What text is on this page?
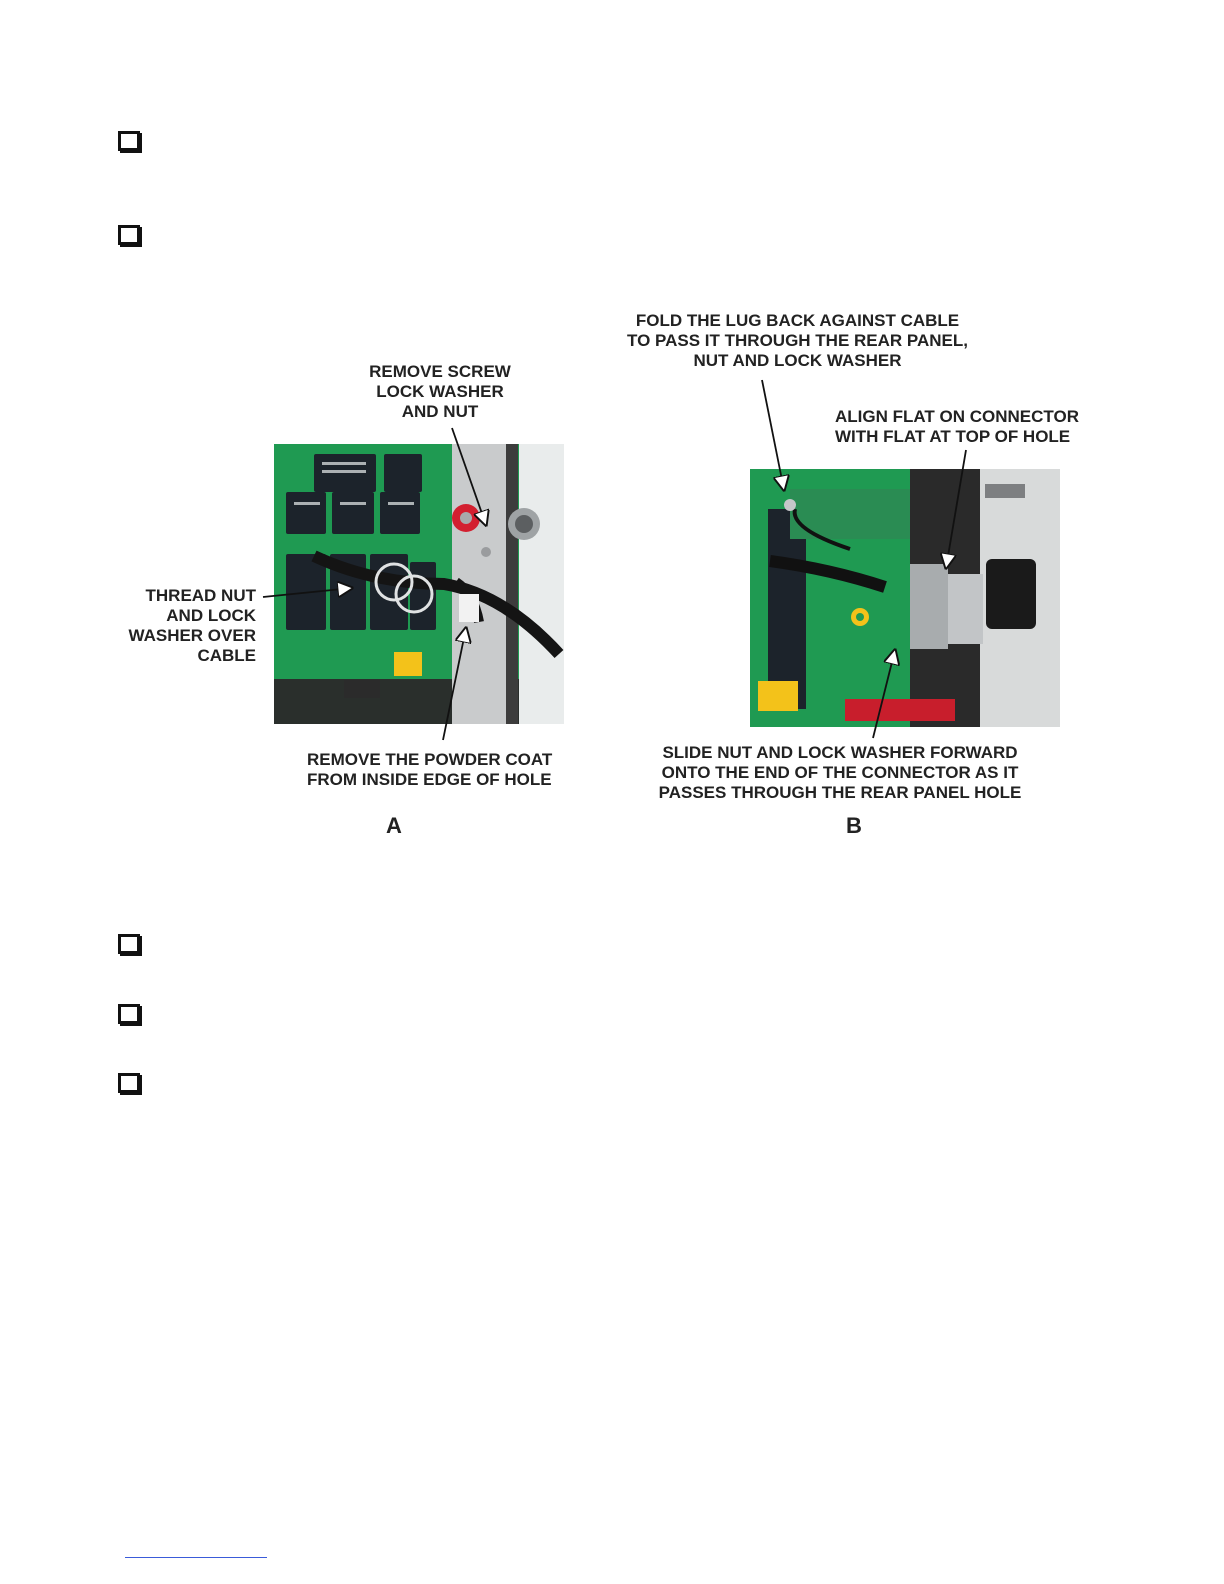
REMOVE SCREW
LOCK WASHER
AND NUT
THREAD NUT
AND LOCK
WASHER OVER
CABLE
REMOVE THE POWDER COAT
FROM INSIDE EDGE OF HOLE
A
FOLD THE LUG BACK AGAINST CABLE
TO PASS IT THROUGH THE REAR PANEL,
NUT AND LOCK WASHER
ALIGN FLAT ON CONNECTOR
WITH FLAT AT TOP OF HOLE
SLIDE NUT AND LOCK WASHER FORWARD
ONTO THE END OF THE CONNECTOR AS IT
PASSES THROUGH THE REAR PANEL HOLE
B
